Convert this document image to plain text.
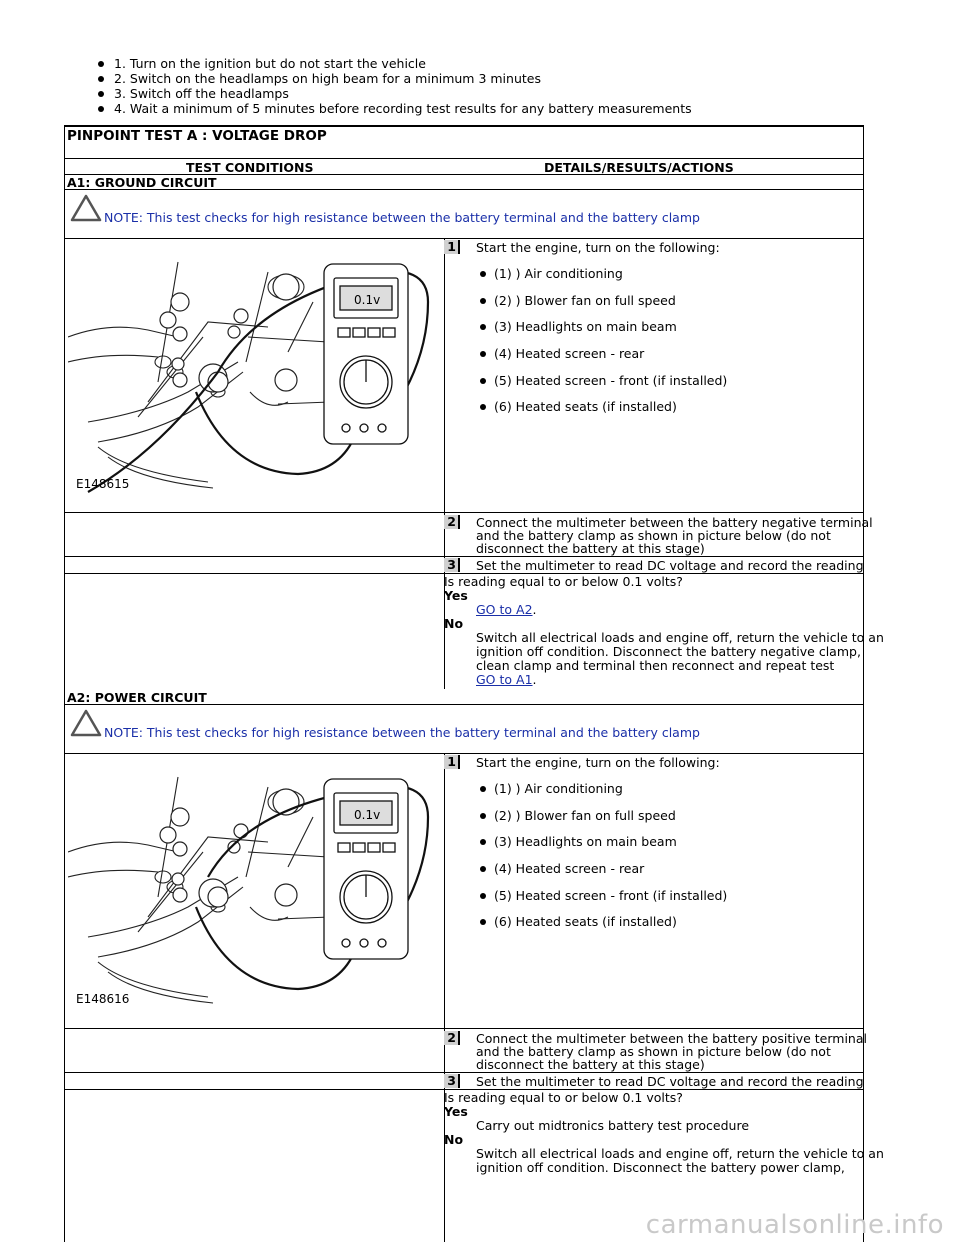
1. Turn on the ignition but do not start the vehicle
2. Switch on the headlamps on high beam for a minimum 3 minutes
3. Switch off the headlamps
4. Wait a minimum of 5 minutes before recording test results for any battery measurements
PINPOINT TEST A : VOLTAGE DROP
TEST CONDITIONS	DETAILS/RESULTS/ACTIONS
A1: GROUND CIRCUIT
NOTE: This test checks for high resistance between the battery terminal and the battery clamp
0.1v
E148615
1	Start the engine, turn on the following:
(1) ) Air conditioning
(2) ) Blower fan on full speed
(3) Headlights on main beam
(4) Heated screen - rear
(5) Heated screen - front (if installed)
(6) Heated seats (if installed)
2	Connect the multimeter between the battery negative terminal and the battery clamp as shown in picture below (do not disconnect the battery at this stage)
3	Set the multimeter to read DC voltage and record the reading
Is reading equal to or below 0.1 volts?
Yes
GO to A2.
No
Switch all electrical loads and engine off, return the vehicle to an ignition off condition. Disconnect the battery negative clamp, clean clamp and terminal then reconnect and repeat test
GO to A1.
A2: POWER CIRCUIT
NOTE: This test checks for high resistance between the battery terminal and the battery clamp
0.1v
E148616
1	Start the engine, turn on the following:
(1) ) Air conditioning
(2) ) Blower fan on full speed
(3) Headlights on main beam
(4) Heated screen - rear
(5) Heated screen - front (if installed)
(6) Heated seats (if installed)
2	Connect the multimeter between the battery positive terminal and the battery clamp as shown in picture below (do not disconnect the battery at this stage)
3	Set the multimeter to read DC voltage and record the reading
Is reading equal to or below 0.1 volts?
Yes
Carry out midtronics battery test procedure
No
Switch all electrical loads and engine off, return the vehicle to an ignition off condition. Disconnect the battery power clamp,
carmanualsonline.info
